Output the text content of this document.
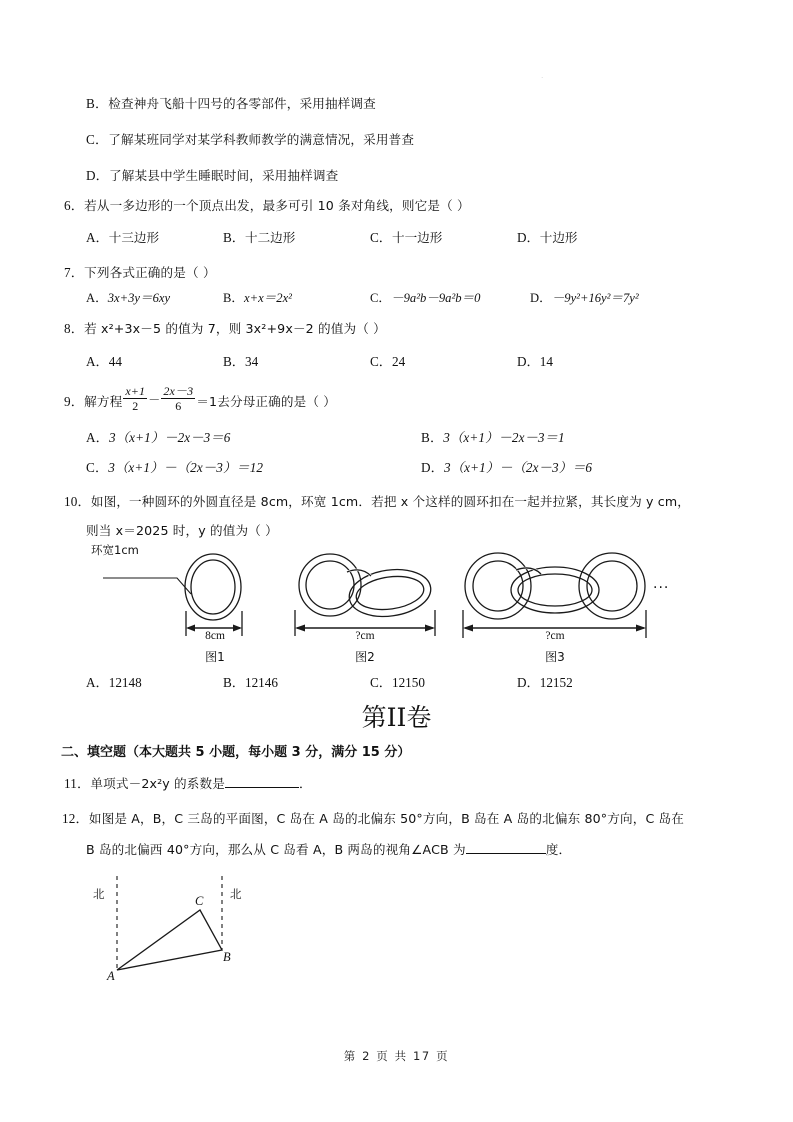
·
B．检查神舟飞船十四号的各零部件，采用抽样调查
C．了解某班同学对某学科教师教学的满意情况，采用普查
D．了解某县中学生睡眠时间，采用抽样调查
6．若从一多边形的一个顶点出发，最多可引 10 条对角线，则它是（ ）
A．十三边形	B．十二边形	C．十一边形	D．十边形
7．下列各式正确的是（ ）
A．3x+3y＝6xy	B．x+x＝2x²	C．－9a²b－9a²b＝0	D．－9y²+16y²＝7y²
8．若 x²+3x－5 的值为 7，则 3x²+9x－2 的值为（ ）
A．44	B．34	C．24	D．14
9． 解方程 $\frac{x+1}{2} - \frac{2x-3}{6} =1$去分母正确的是（ ）
A．3（x+1）－2x－3＝6	B．3（x+1）－2x－3＝1
C．3（x+1）－（2x－3）＝12	D．3（x+1）－（2x－3）＝6
10．如图，一种圆环的外圆直径是 8cm，环宽 1cm．若把 x 个这样的圆环扣在一起并拉紧，其长度为 y cm，
则当 x＝2025 时，y 的值为（ ）
环宽1cm
8cm	?cm	?cm
...
图1	图2	图3
A．12148	B．12146	C．12150	D．12152
第II卷
二、填空题（本大题共 5 小题，每小题 3 分，满分 15 分）
11．单项式－2x²y 的系数是	．
12．如图是 A，B，C 三岛的平面图，C 岛在 A 岛的北偏东 50°方向，B 岛在 A 岛的北偏东 80°方向，C 岛在
B 岛的北偏西 40°方向，那么从 C 岛看 A，B 两岛的视角∠ACB 为	度．
北	北
A
B
C
第 2 页 共 17 页
